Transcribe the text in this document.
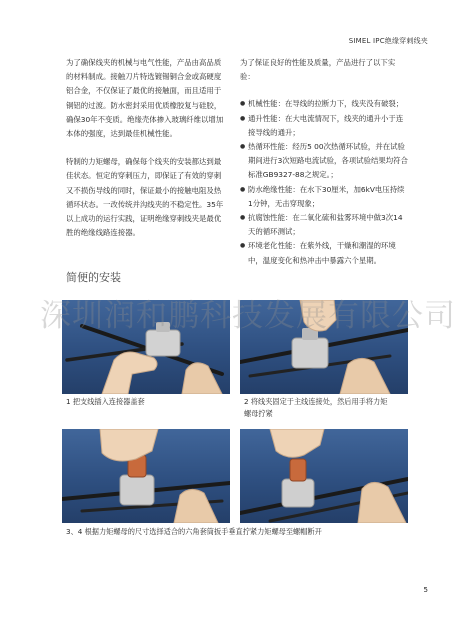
SIMEL IPC绝缘穿刺线夹

为了确保线夹的机械与电气性能，产品由高品质的材料制成。接触刀片特选镀锡铜合金或高硬度铝合金，不仅保证了最优的接触面，而且适用于铜铝的过渡。防水密封采用优质橡胶复与硅胶，确保30年不变质。绝缘壳体掺入玻璃纤维以增加本体的强度，达到最佳机械性能。

特制的力矩螺母，确保每个线夹的安装都达到最佳状态。恒定的穿刺压力，即保证了有效的穿刺又不损伤导线的同时，保证最小的接触电阻及热循环状态。一改传统并沟线夹的不稳定性。35年以上成功的运行实践，证明绝缘穿刺线夹是最优胜的绝缘线路连接器。

为了保证良好的性能及质量，产品进行了以下实验：

● 机械性能：在导线的拉断力下，线夹没有破裂；
● 通升性能：在大电流情况下，线夹的通升小于连接导线的通升；
● 热循环性能：经历5 00次热循环试验，并在试验期间进行3次短路电流试验，各项试验结果均符合标准GB9327-88之规定。；
● 防水绝缘性能：在水下30厘米，加6kV电压持续1分钟，无击穿现象；
● 抗腐蚀性能：在二氧化硫和盐雾环境中做3次14天的循环测试；
● 环境老化性能：在紫外线，干燥和潮湿的环境中，温度变化和热冲击中暴露六个星期。
简便的安装
深圳润和鹏科技发展有限公司
1 把支线插入连接器盖套	2 将线夹固定于主线连接处，然后用手将力矩螺母拧紧
3、4 根据力矩螺母的尺寸选择适合的六角套筒扳手垂直拧紧力矩螺母至螺帽断开
5
